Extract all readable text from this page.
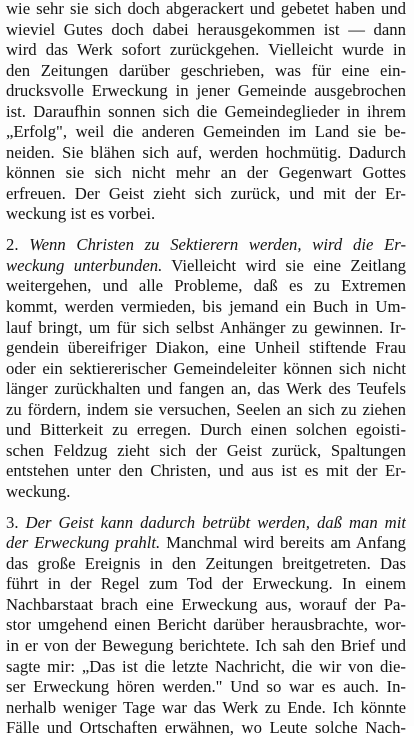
wie sehr sie sich doch abgerackert und gebetet haben und
wieviel Gutes doch dabei herausgekommen ist — dann
wird das Werk sofort zurückgehen. Vielleicht wurde in
den Zeitungen darüber geschrieben, was für eine ein-
drucksvolle Erweckung in jener Gemeinde ausgebrochen
ist. Daraufhin sonnen sich die Gemeindeglieder in ihrem
„Erfolg", weil die anderen Gemeinden im Land sie be-
neiden. Sie blähen sich auf, werden hochmütig. Dadurch
können sie sich nicht mehr an der Gegenwart Gottes
erfreuen. Der Geist zieht sich zurück, und mit der Er-
weckung ist es vorbei.
2. Wenn Christen zu Sektierern werden, wird die Er-
weckung unterbunden. Vielleicht wird sie eine Zeitlang
weitergehen, und alle Probleme, daß es zu Extremen
kommt, werden vermieden, bis jemand ein Buch in Um-
lauf bringt, um für sich selbst Anhänger zu gewinnen. Ir-
gendein übereifriger Diakon, eine Unheil stiftende Frau
oder ein sektiererischer Gemeindeleiter können sich nicht
länger zurückhalten und fangen an, das Werk des Teufels
zu fördern, indem sie versuchen, Seelen an sich zu ziehen
und Bitterkeit zu erregen. Durch einen solchen egoisti-
schen Feldzug zieht sich der Geist zurück, Spaltungen
entstehen unter den Christen, und aus ist es mit der Er-
weckung.
3. Der Geist kann dadurch betrübt werden, daß man mit
der Erweckung prahlt. Manchmal wird bereits am Anfang
das große Ereignis in den Zeitungen breitgetreten. Das
führt in der Regel zum Tod der Erweckung. In einem
Nachbarstaat brach eine Erweckung aus, worauf der Pa-
stor umgehend einen Bericht darüber herausbrachte, wor-
in er von der Bewegung berichtete. Ich sah den Brief und
sagte mir: „Das ist die letzte Nachricht, die wir von die-
ser Erweckung hören werden." Und so war es auch. In-
nerhalb weniger Tage war das Werk zu Ende. Ich könnte
Fälle und Ortschaften erwähnen, wo Leute solche Nach-
